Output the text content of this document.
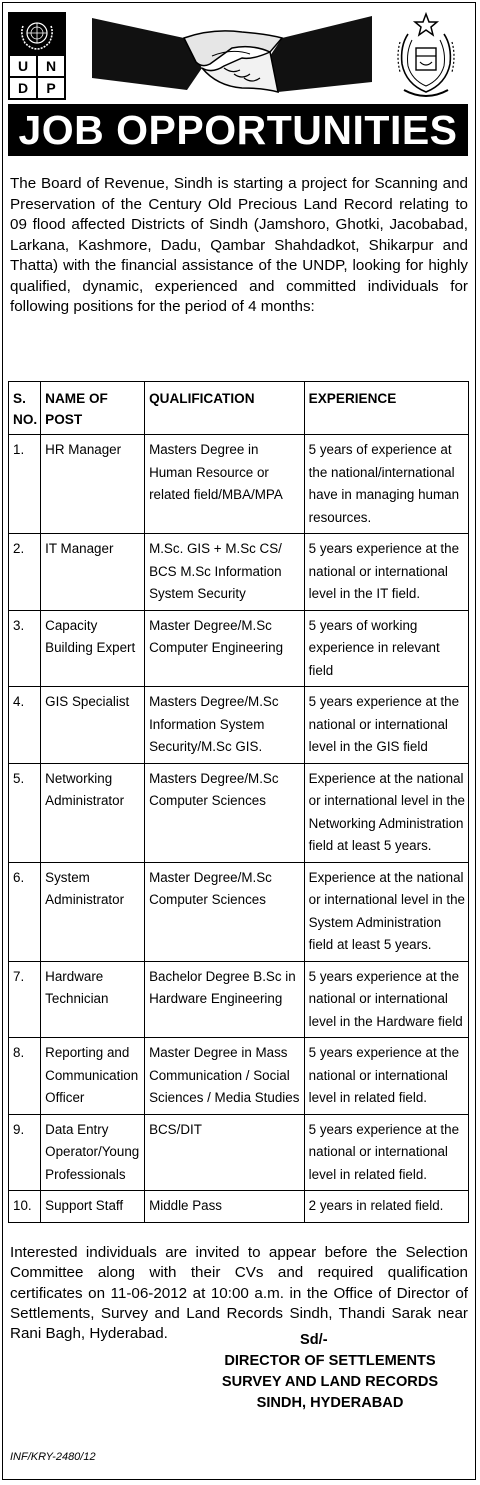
U	N
D	P
JOB OPPORTUNITIES

The Board of Revenue, Sindh is starting a project for Scanning and Preservation of the Century Old Precious Land Record relating to 09 flood affected Districts of Sindh (Jamshoro, Ghotki, Jacobabad, Larkana, Kashmore, Dadu, Qambar Shahdadkot, Shikarpur and Thatta) with the financial assistance of the UNDP, looking for highly qualified, dynamic, experienced and committed individuals for following positions for the period of 4 months:

S. NO.	NAME OF POST	QUALIFICATION	EXPERIENCE
1.	HR Manager	Masters Degree in Human Resource or related field/MBA/MPA	5 years of experience at the national/international have in managing human resources.
2.	IT Manager	M.Sc. GIS + M.Sc CS/ BCS M.Sc Information System Security	5 years experience at the national or international level in the IT field.
3.	Capacity Building Expert	Master Degree/M.Sc Computer Engineering	5 years of working experience in relevant field
4.	GIS Specialist	Masters Degree/M.Sc Information System Security/M.Sc GIS.	5 years experience at the national or international level in the GIS field
5.	Networking Administrator	Masters Degree/M.Sc Computer Sciences	Experience at the national or international level in the Networking Administration field at least 5 years.
6.	System Administrator	Master Degree/M.Sc Computer Sciences	Experience at the national or international level in the System Administration field at least 5 years.
7.	Hardware Technician	Bachelor Degree B.Sc in Hardware Engineering	5 years experience at the national or international level in the Hardware field
8.	Reporting and Communication Officer	Master Degree in Mass Communication / Social Sciences / Media Studies	5 years experience at the national or international level in related field.
9.	Data Entry Operator/Young Professionals	BCS/DIT	5 years experience at the national or international level in related field.
10.	Support Staff	Middle Pass	2 years in related field.

Interested individuals are invited to appear before the Selection Committee along with their CVs and required qualification certificates on 11-06-2012 at 10:00 a.m. in the Office of Director of Settlements, Survey and Land Records Sindh, Thandi Sarak near Rani Bagh, Hyderabad.	Sd/-
DIRECTOR OF SETTLEMENTS
SURVEY AND LAND RECORDS
SINDH, HYDERABAD
INF/KRY-2480/12
